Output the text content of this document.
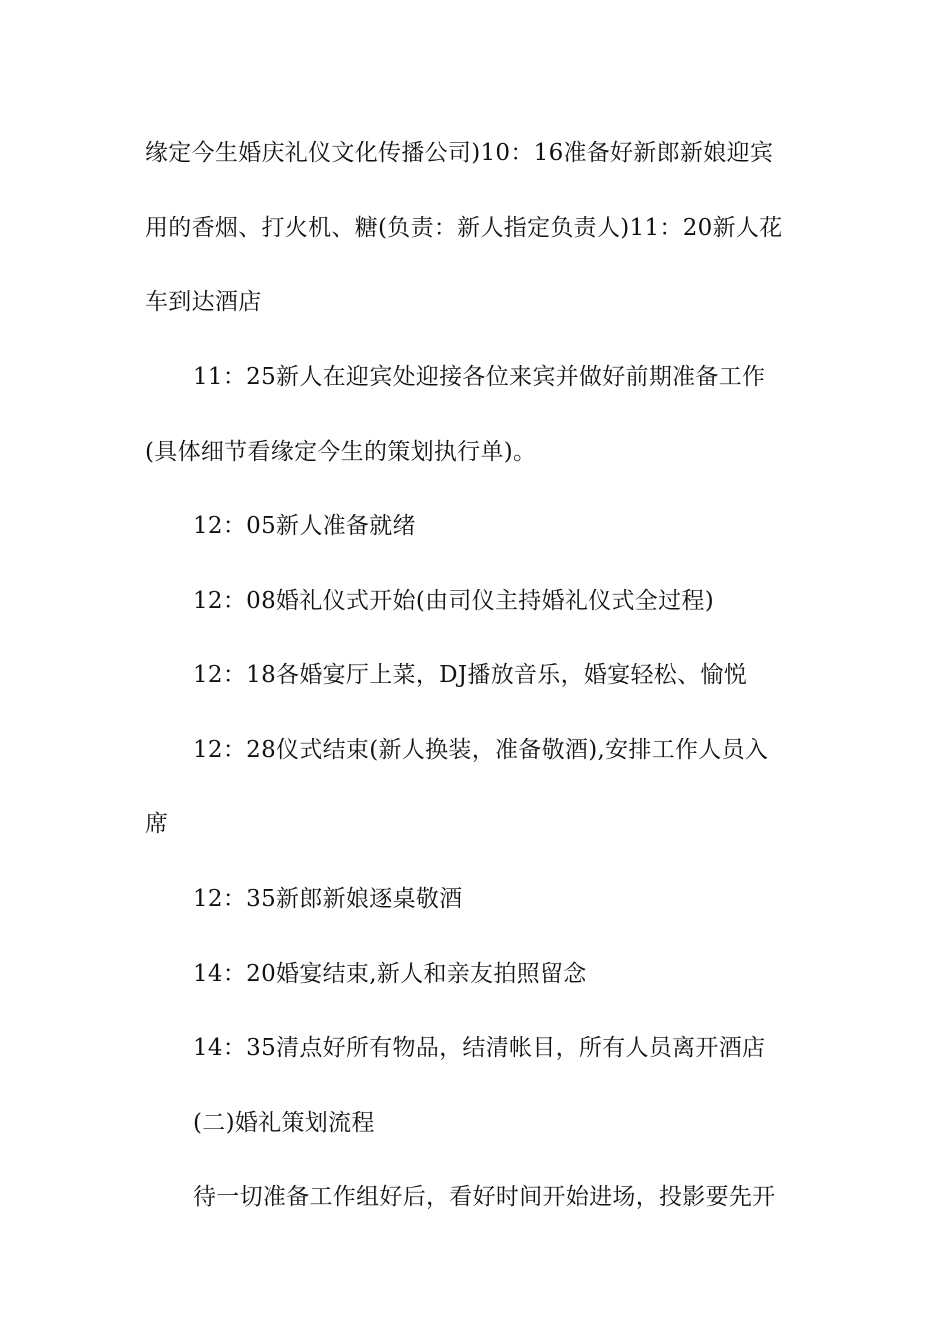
缘定今生婚庆礼仪文化传播公司)10：16准备好新郎新娘迎宾
用的香烟、打火机、糖(负责：新人指定负责人)11：20新人花
车到达酒店
11：25新人在迎宾处迎接各位来宾并做好前期准备工作
(具体细节看缘定今生的策划执行单)。
12：05新人准备就绪
12：08婚礼仪式开始(由司仪主持婚礼仪式全过程)
12：18各婚宴厅上菜，DJ播放音乐，婚宴轻松、愉悦
12：28仪式结束(新人换装，准备敬酒),安排工作人员入
席
12：35新郎新娘逐桌敬酒
14：20婚宴结束,新人和亲友拍照留念
14：35清点好所有物品，结清帐目，所有人员离开酒店
(二)婚礼策划流程
待一切准备工作组好后，看好时间开始进场，投影要先开
